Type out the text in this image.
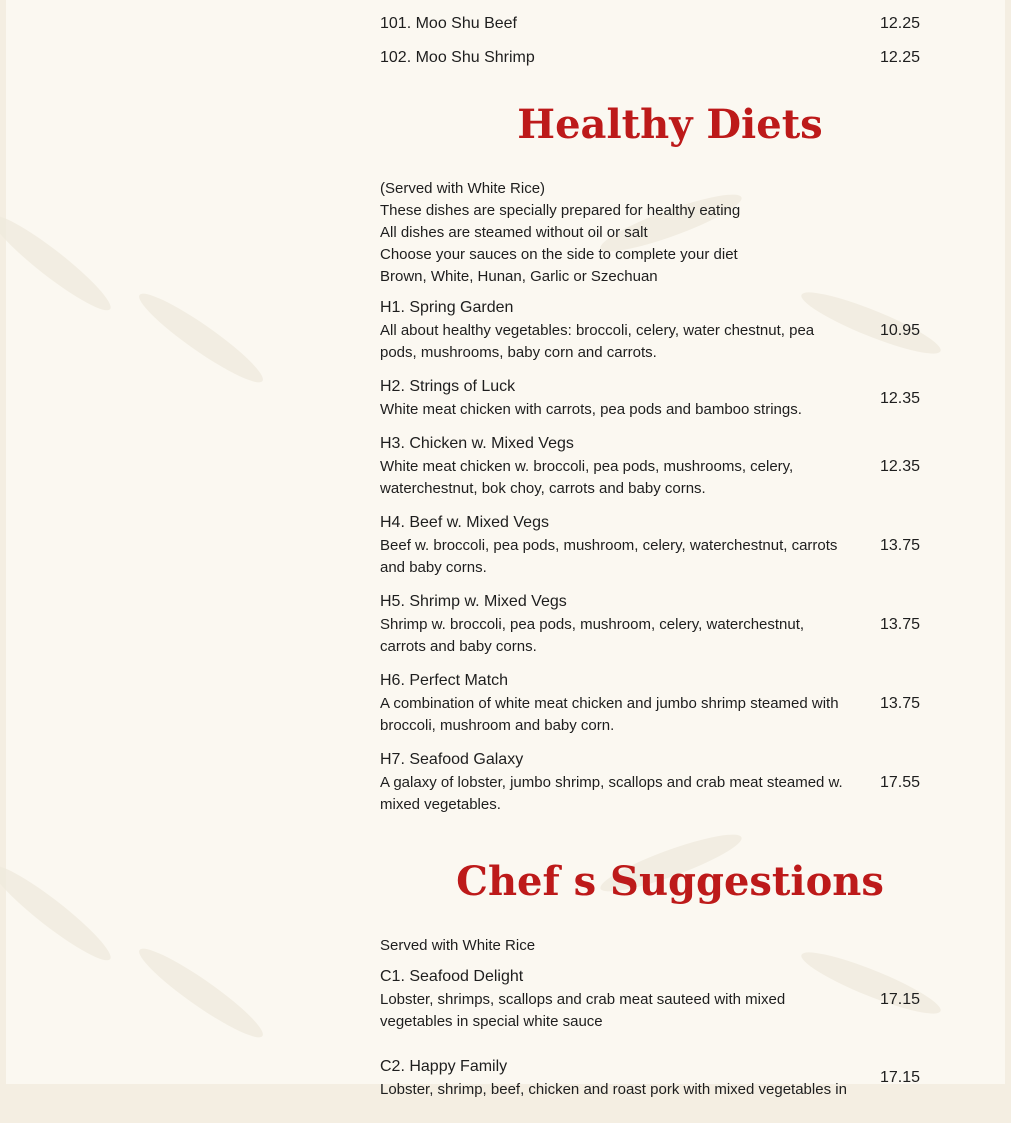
101. Moo Shu Beef	12.25
102. Moo Shu Shrimp	12.25
Healthy Diets
(Served with White Rice)
These dishes are specially prepared for healthy eating
All dishes are steamed without oil or salt
Choose your sauces on the side to complete your diet
Brown, White, Hunan, Garlic or Szechuan
H1. Spring Garden
All about healthy vegetables: broccoli, celery, water chestnut, pea pods, mushrooms, baby corn and carrots.
10.95
H2. Strings of Luck
White meat chicken with carrots, pea pods and bamboo strings.
12.35
H3. Chicken w. Mixed Vegs
White meat chicken w. broccoli, pea pods, mushrooms, celery, waterchestnut, bok choy, carrots and baby corns.
12.35
H4. Beef w. Mixed Vegs
Beef w. broccoli, pea pods, mushroom, celery, waterchestnut, carrots and baby corns.
13.75
H5. Shrimp w. Mixed Vegs
Shrimp w. broccoli, pea pods, mushroom, celery, waterchestnut, carrots and baby corns.
13.75
H6. Perfect Match
A combination of white meat chicken and jumbo shrimp steamed with broccoli, mushroom and baby corn.
13.75
H7. Seafood Galaxy
A galaxy of lobster, jumbo shrimp, scallops and crab meat steamed w. mixed vegetables.
17.55
Chef s Suggestions
Served with White Rice
C1. Seafood Delight
Lobster, shrimps, scallops and crab meat sauteed with mixed vegetables in special white sauce
17.15
C2. Happy Family
Lobster, shrimp, beef, chicken and roast pork with mixed vegetables in
17.15
